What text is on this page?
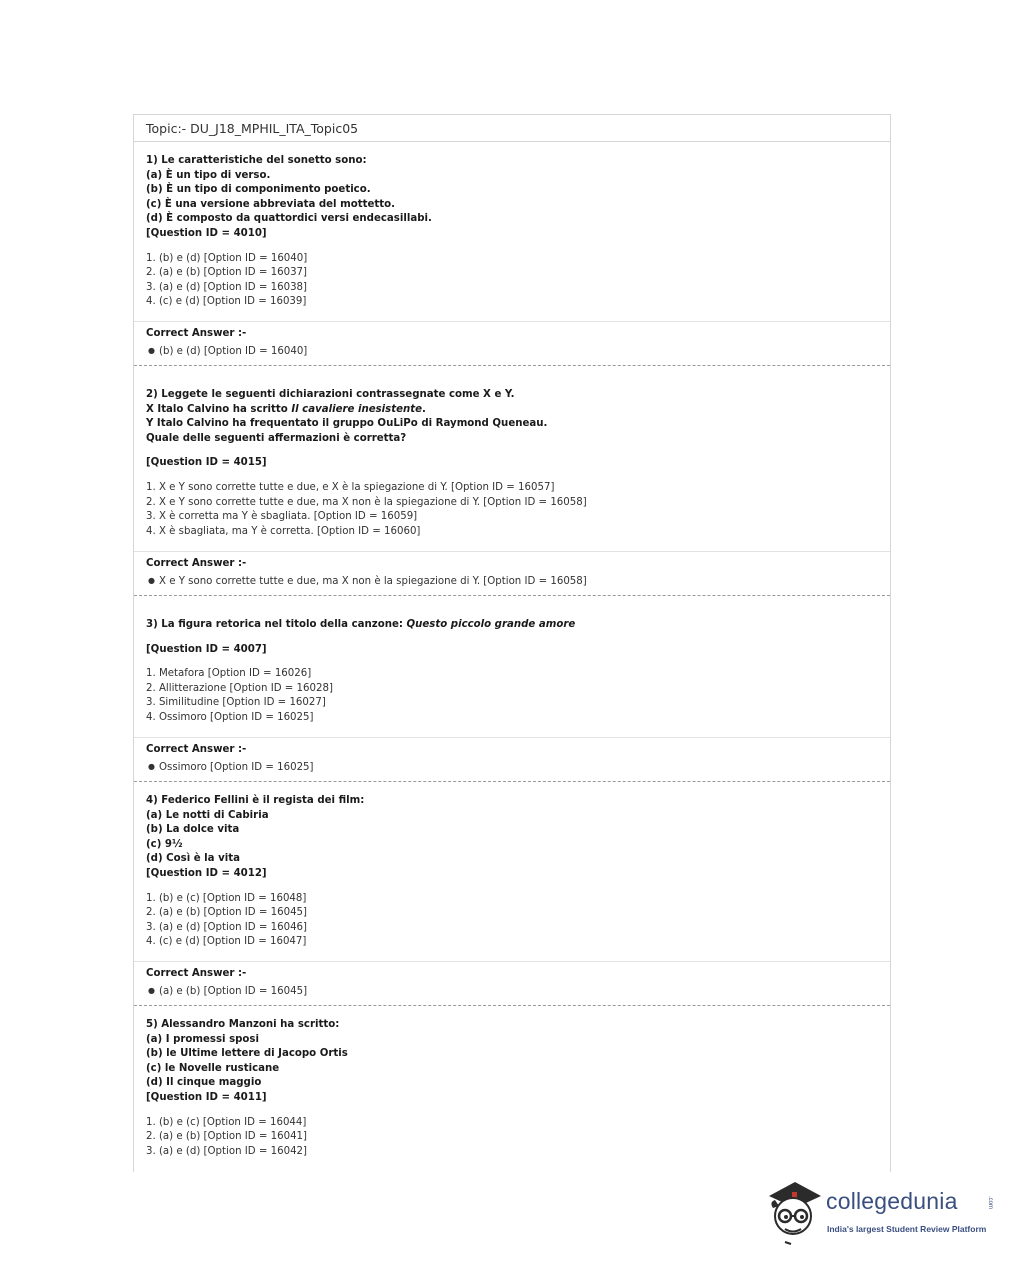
Topic:- DU_J18_MPHIL_ITA_Topic05
1) Le caratteristiche del sonetto sono:
(a) È un tipo di verso.
(b) È un tipo di componimento poetico.
(c) È una versione abbreviata del mottetto.
(d) È composto da quattordici versi endecasillabi.
[Question ID = 4010]
1. (b) e (d) [Option ID = 16040]
2. (a) e (b) [Option ID = 16037]
3. (a) e (d) [Option ID = 16038]
4. (c) e (d) [Option ID = 16039]
Correct Answer :-
● (b) e (d) [Option ID = 16040]
2) Leggete le seguenti dichiarazioni contrassegnate come X e Y.
X Italo Calvino ha scritto Il cavaliere inesistente.
Y Italo Calvino ha frequentato il gruppo OuLiPo di Raymond Queneau.
Quale delle seguenti affermazioni è corretta?
[Question ID = 4015]
1. X e Y sono corrette tutte e due, e X è la spiegazione di Y. [Option ID = 16057]
2. X e Y sono corrette tutte e due, ma X non è la spiegazione di Y. [Option ID = 16058]
3. X è corretta ma Y è sbagliata. [Option ID = 16059]
4. X è sbagliata, ma Y è corretta. [Option ID = 16060]
Correct Answer :-
● X e Y sono corrette tutte e due, ma X non è la spiegazione di Y. [Option ID = 16058]
3) La figura retorica nel titolo della canzone: Questo piccolo grande amore
[Question ID = 4007]
1. Metafora [Option ID = 16026]
2. Allitterazione [Option ID = 16028]
3. Similitudine [Option ID = 16027]
4. Ossimoro [Option ID = 16025]
Correct Answer :-
● Ossimoro [Option ID = 16025]
4) Federico Fellini è il regista dei film:
(a) Le notti di Cabiria
(b) La dolce vita
(c) 9½
(d) Così è la vita
[Question ID = 4012]
1. (b) e (c) [Option ID = 16048]
2. (a) e (b) [Option ID = 16045]
3. (a) e (d) [Option ID = 16046]
4. (c) e (d) [Option ID = 16047]
Correct Answer :-
● (a) e (b) [Option ID = 16045]
5) Alessandro Manzoni ha scritto:
(a) I promessi sposi
(b) le Ultime lettere di Jacopo Ortis
(c) le Novelle rusticane
(d) Il cinque maggio
[Question ID = 4011]
1. (b) e (c) [Option ID = 16044]
2. (a) e (b) [Option ID = 16041]
3. (a) e (d) [Option ID = 16042]
collegedunia	.com
India's largest Student Review Platform
